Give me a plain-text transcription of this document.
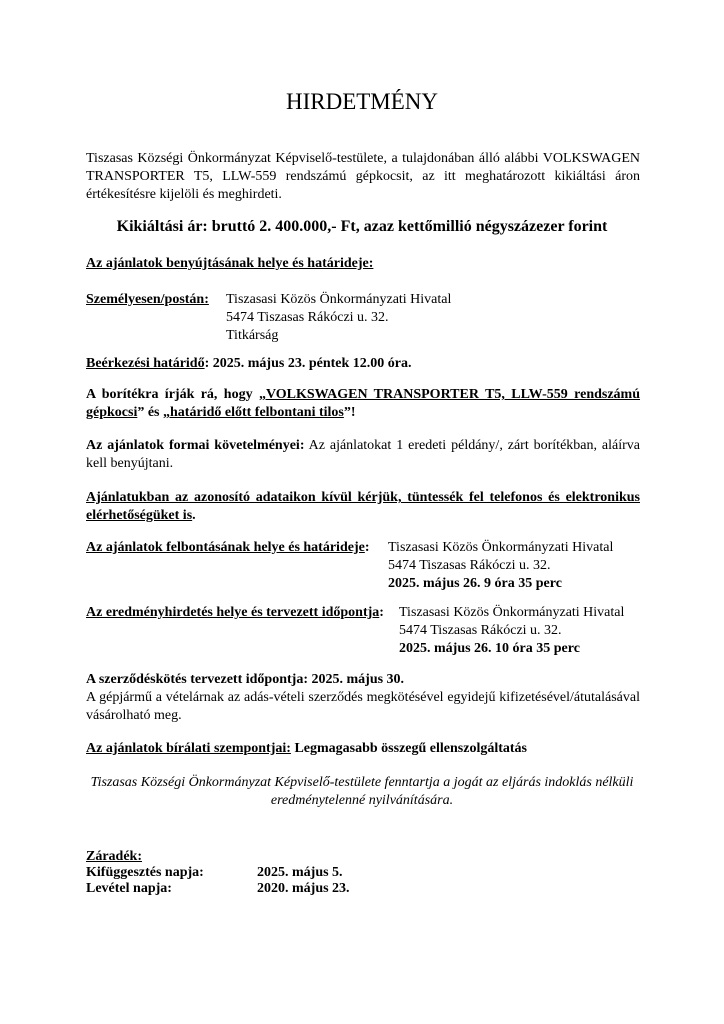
HIRDETMÉNY

Tiszasas Községi Önkormányzat Képviselő-testülete, a tulajdonában álló alábbi VOLKSWAGEN TRANSPORTER T5, LLW-559 rendszámú gépkocsit, az itt meghatározott kikiáltási áron értékesítésre kijelöli és meghirdeti.

Kikiáltási ár: bruttó 2. 400.000,- Ft, azaz kettőmillió négyszázezer forint

Az ajánlatok benyújtásának helye és határideje:

Személyesen/postán: Tiszasasi Közös Önkormányzati Hivatal
5474 Tiszasas Rákóczi u. 32.
Titkárság

Beérkezési határidő: 2025. május 23. péntek 12.00 óra.

A borítékra írják rá, hogy „VOLKSWAGEN TRANSPORTER T5, LLW-559 rendszámú gépkocsi” és „határidő előtt felbontani tilos”!

Az ajánlatok formai követelményei: Az ajánlatokat 1 eredeti példány/, zárt borítékban, aláírva kell benyújtani.

Ajánlatukban az azonosító adataikon kívül kérjük, tüntessék fel telefonos és elektronikus elérhetőségüket is.

Az ajánlatok felbontásának helye és határideje: Tiszasasi Közös Önkormányzati Hivatal
5474 Tiszasas Rákóczi u. 32.
2025. május 26. 9 óra 35 perc
Az eredményhirdetés helye és tervezett időpontja: Tiszasasi Közös Önkormányzati Hivatal
5474 Tiszasas Rákóczi u. 32.
2025. május 26. 10 óra 35 perc

A szerződéskötés tervezett időpontja: 2025. május 30.

A gépjármű a vételárnak az adás-vételi szerződés megkötésével egyidejű kifizetésével/átutalásával vásárolható meg.

Az ajánlatok bírálati szempontjai: Legmagasabb összegű ellenszolgáltatás

Tiszasas Községi Önkormányzat Képviselő-testülete fenntartja a jogát az eljárás indoklás nélküli eredménytelenné nyilvánítására.

Záradék:
Kifüggesztés napja:	2025. május 5.
Levétel napja:	2020. május 23.
